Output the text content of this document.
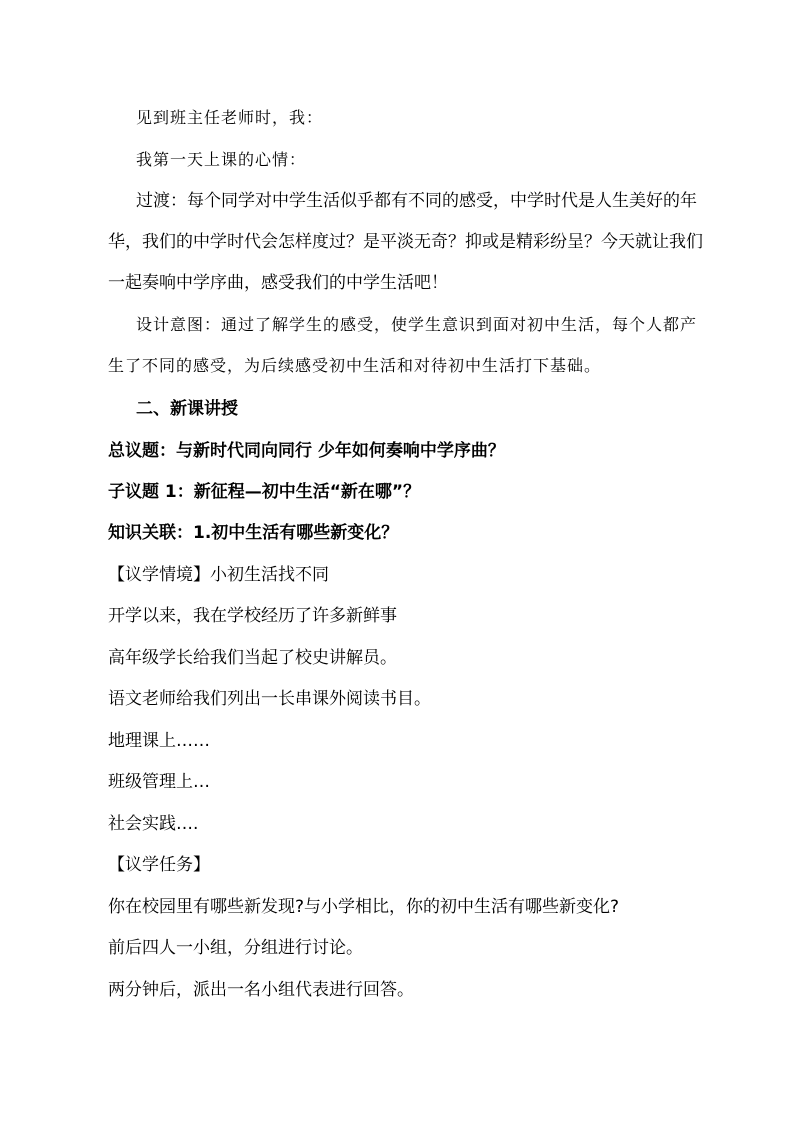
见到班主任老师时，我：
我第一天上课的心情：
过渡：每个同学对中学生活似乎都有不同的感受，中学时代是人生美好的年
华，我们的中学时代会怎样度过？是平淡无奇？抑或是精彩纷呈？今天就让我们
一起奏响中学序曲，感受我们的中学生活吧！
设计意图：通过了解学生的感受，使学生意识到面对初中生活，每个人都产
生了不同的感受，为后续感受初中生活和对待初中生活打下基础。
二、新课讲授
总议题：与新时代同向同行 少年如何奏响中学序曲？
子议题 1：新征程—初中生活“新在哪”？
知识关联：1.初中生活有哪些新变化？
【议学情境】小初生活找不同
开学以来，我在学校经历了许多新鲜事
高年级学长给我们当起了校史讲解员。
语文老师给我们列出一长串课外阅读书目。
地理课上……
班级管理上…
社会实践….
【议学任务】
你在校园里有哪些新发现?与小学相比，你的初中生活有哪些新变化?
前后四人一小组，分组进行讨论。
两分钟后，派出一名小组代表进行回答。
